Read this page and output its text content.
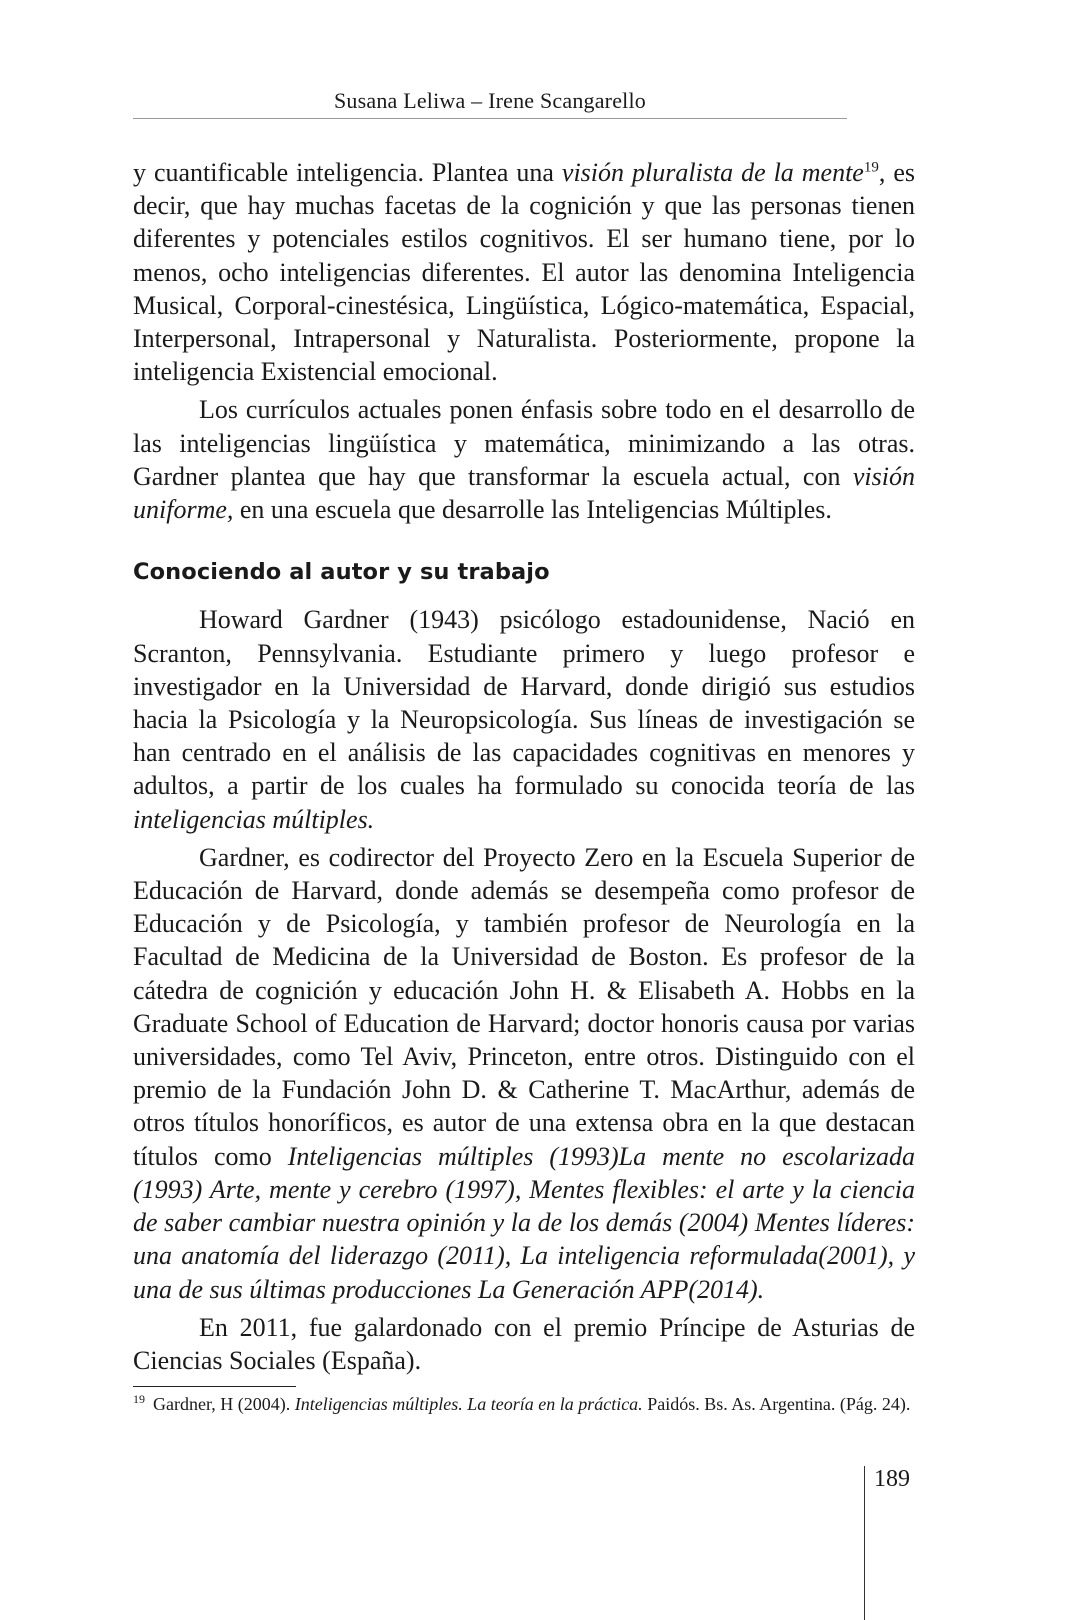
Susana Leliwa – Irene Scangarello

y cuantificable inteligencia. Plantea una visión pluralista de la mente$^{19}$, es decir, que hay muchas facetas de la cognición y que las personas tienen diferentes y potenciales estilos cognitivos. El ser humano tiene, por lo menos, ocho inteligencias diferentes. El autor las denomina Inteligencia Musical, Corporal-cinestésica, Lingüística, Lógico-matemática, Espacial, Interpersonal, Intrapersonal y Naturalista. Posteriormente, propone la inteligencia Existencial emocional.

Los currículos actuales ponen énfasis sobre todo en el desarrollo de las inteligencias lingüística y matemática, minimizando a las otras. Gardner plantea que hay que transformar la escuela actual, con visión uniforme, en una escuela que desarrolle las Inteligencias Múltiples.

Conociendo al autor y su trabajo

Howard Gardner (1943) psicólogo estadounidense, Nació en Scranton, Pennsylvania. Estudiante primero y luego profesor e investigador en la Universidad de Harvard, donde dirigió sus estudios hacia la Psicología y la Neuropsicología. Sus líneas de investigación se han centrado en el análisis de las capacidades cognitivas en menores y adultos, a partir de los cuales ha formulado su conocida teoría de las inteligencias múltiples.

Gardner, es codirector del Proyecto Zero en la Escuela Superior de Educación de Harvard, donde además se desempeña como profesor de Educación y de Psicología, y también profesor de Neurología en la Facultad de Medicina de la Universidad de Boston. Es profesor de la cátedra de cognición y educación John H. & Elisabeth A. Hobbs en la Graduate School of Education de Harvard; doctor honoris causa por varias universidades, como Tel Aviv, Princeton, entre otros. Distinguido con el premio de la Fundación John D. & Catherine T. MacArthur, además de otros títulos honoríficos, es autor de una extensa obra en la que destacan títulos como Inteligencias múltiples (1993)La mente no escolarizada (1993) Arte, mente y cerebro (1997), Mentes flexibles: el arte y la ciencia de saber cambiar nuestra opinión y la de los demás (2004) Mentes líderes: una anatomía del liderazgo (2011), La inteligencia reformulada(2001), y una de sus últimas producciones La Generación APP(2014).

En 2011, fue galardonado con el premio Príncipe de Asturias de Ciencias Sociales (España).

$^{19}$ Gardner, H (2004). Inteligencias múltiples. La teoría en la práctica. Paidós. Bs. As. Argentina. (Pág. 24).
189
